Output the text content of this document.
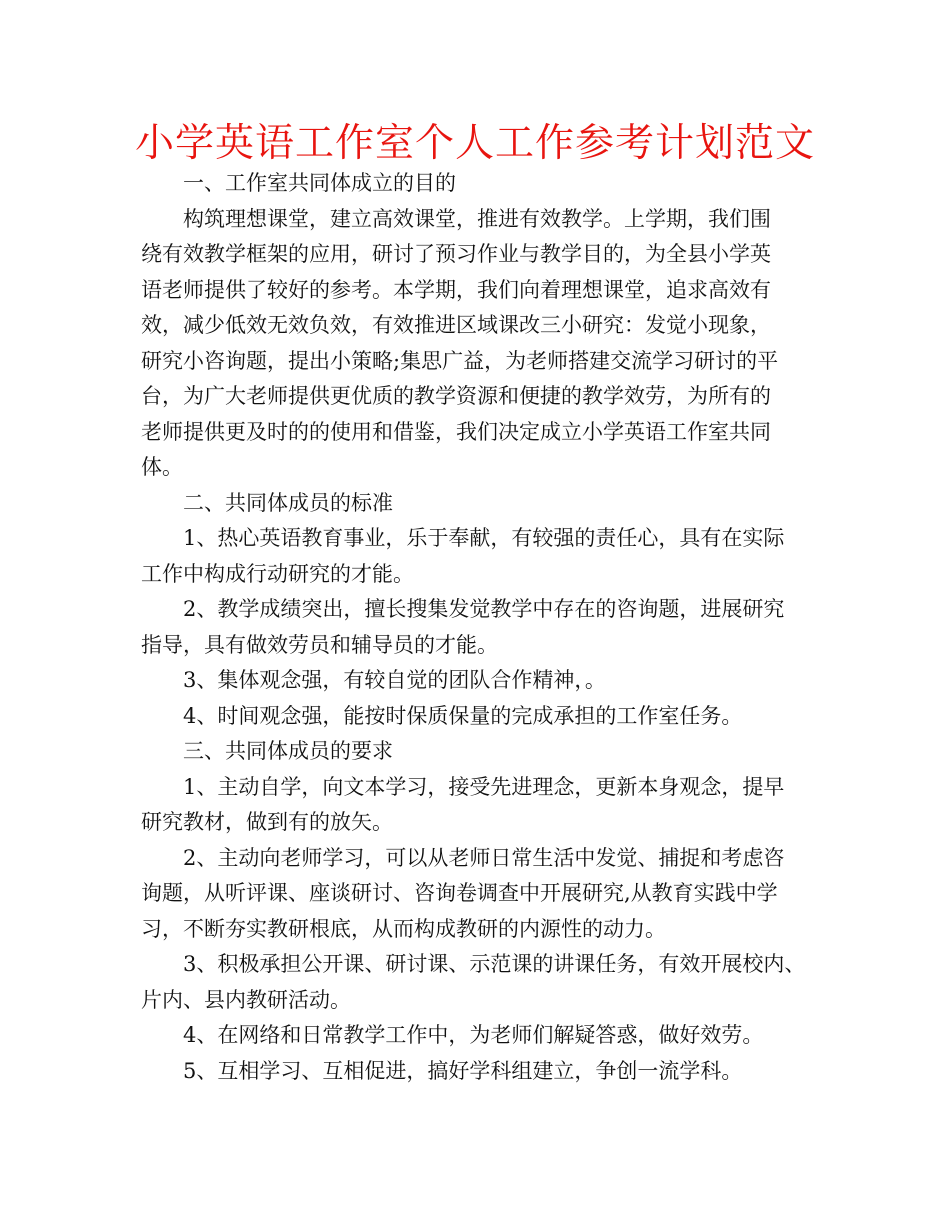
小学英语工作室个人工作参考计划范文
一、工作室共同体成立的目的
构筑理想课堂，建立高效课堂，推进有效教学。上学期，我们围
绕有效教学框架的应用，研讨了预习作业与教学目的，为全县小学英
语老师提供了较好的参考。本学期，我们向着理想课堂，追求高效有
效，减少低效无效负效，有效推进区域课改三小研究：发觉小现象，
研究小咨询题，提出小策略;集思广益，为老师搭建交流学习研讨的平
台，为广大老师提供更优质的教学资源和便捷的教学效劳，为所有的
老师提供更及时的的使用和借鉴，我们决定成立小学英语工作室共同
体。
二、共同体成员的标准
1、热心英语教育事业，乐于奉献，有较强的责任心，具有在实际
工作中构成行动研究的才能。
2、教学成绩突出，擅长搜集发觉教学中存在的咨询题，进展研究
指导，具有做效劳员和辅导员的才能。
3、集体观念强，有较自觉的团队合作精神，。
4、时间观念强，能按时保质保量的完成承担的工作室任务。
三、共同体成员的要求
1、主动自学，向文本学习，接受先进理念，更新本身观念，提早
研究教材，做到有的放矢。
2、主动向老师学习，可以从老师日常生活中发觉、捕捉和考虑咨
询题，从听评课、座谈研讨、咨询卷调查中开展研究,从教育实践中学
习，不断夯实教研根底，从而构成教研的内源性的动力。
3、积极承担公开课、研讨课、示范课的讲课任务，有效开展校内、
片内、县内教研活动。
4、在网络和日常教学工作中，为老师们解疑答惑，做好效劳。
5、互相学习、互相促进，搞好学科组建立，争创一流学科。
